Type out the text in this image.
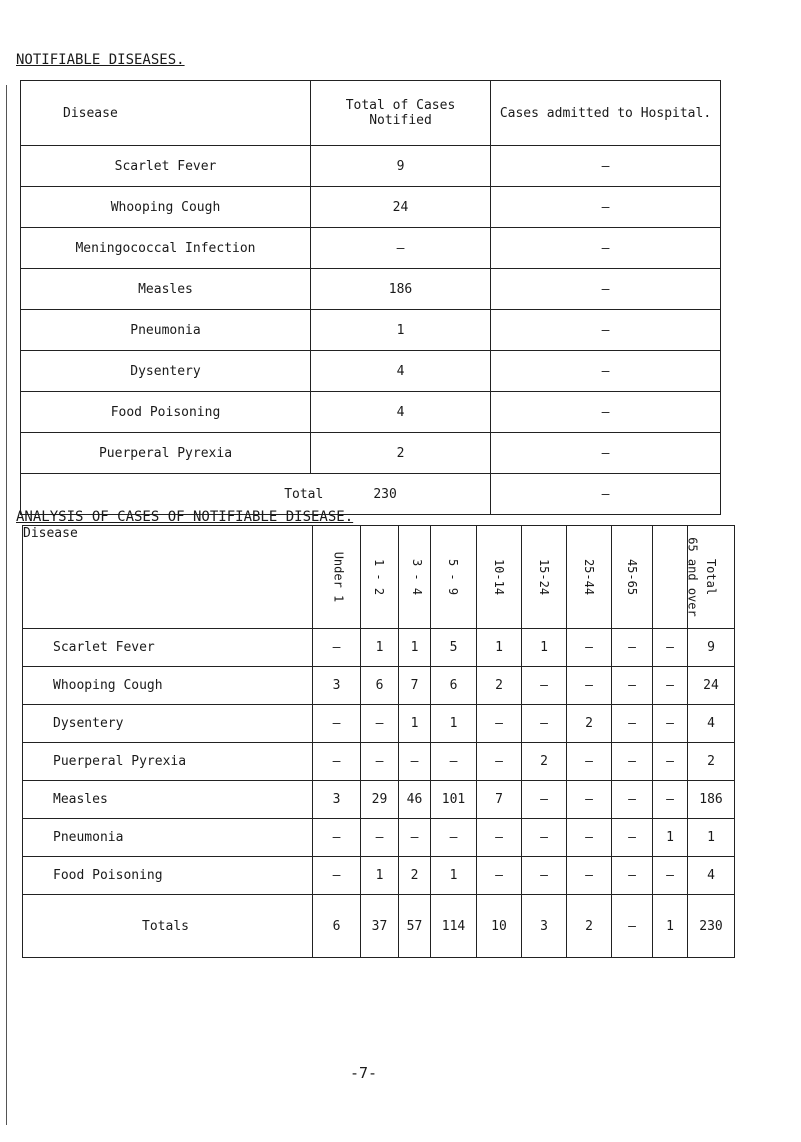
NOTIFIABLE DISEASES.
Disease	Total of Cases Notified	Cases admitted to Hospital.
Scarlet Fever	9	–
Whooping Cough	24	–
Meningococcal Infection	–	–
Measles	186	–
Pneumonia	1	–
Dysentery	4	–
Food Poisoning	4	–
Puerperal Pyrexia	2	–
Total 230		–
ANALYSIS OF CASES OF NOTIFIABLE DISEASE.
Disease	Under 1	1 - 2	3 - 4	5 - 9	10-14	15-24	25-44	45-65	65 and over	Total
Scarlet Fever	–	1	1	5	1	1	–	–	–	9
Whooping Cough	3	6	7	6	2	–	–	–	–	24
Dysentery	–	–	1	1	–	–	2	–	–	4
Puerperal Pyrexia	–	–	–	–	–	2	–	–	–	2
Measles	3	29	46	101	7	–	–	–	–	186
Pneumonia	–	–	–	–	–	–	–	–	1	1
Food Poisoning	–	1	2	1	–	–	–	–	–	4
Totals	6	37	57	114	10	3	2	–	1	230
-7-
